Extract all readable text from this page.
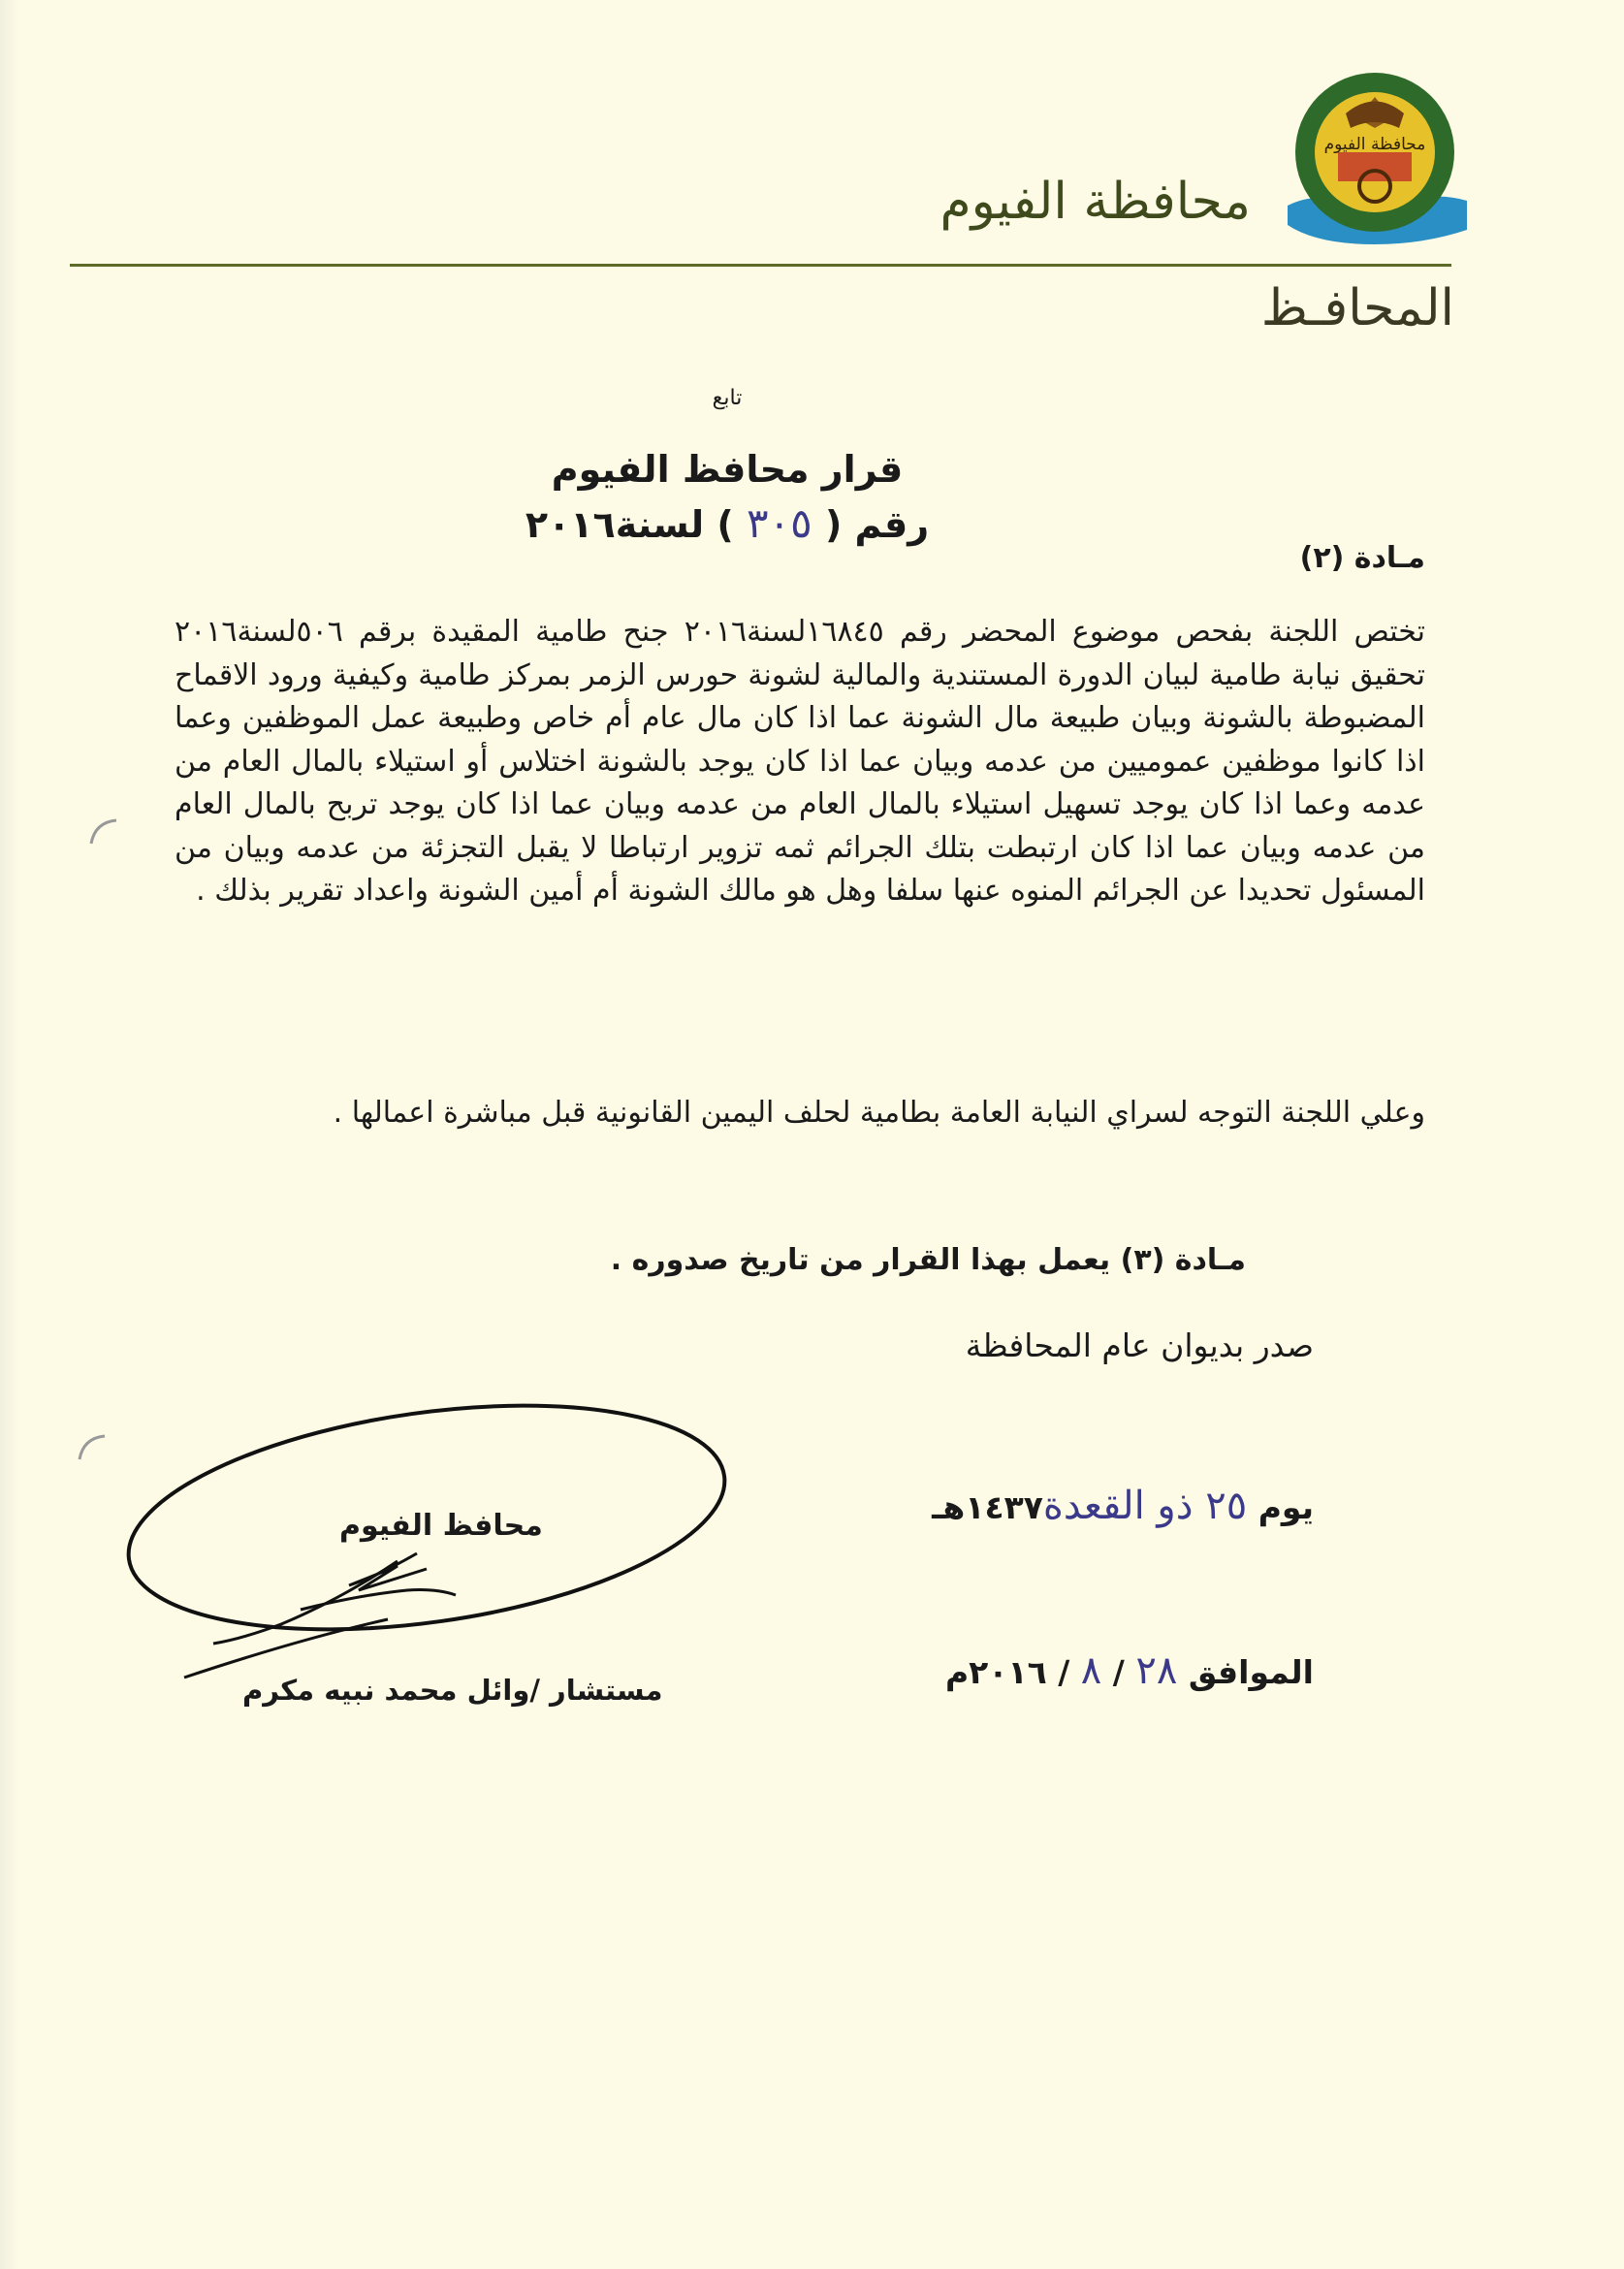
محافظة الفيوم
محافظة الفيوم
المحافـظ
تابع
قرار محافظ الفيوم
رقم ( ٣٠٥ ) لسنة٢٠١٦
مـادة (٢)
تختص اللجنة بفحص موضوع المحضر رقم ١٦٨٤٥لسنة٢٠١٦ جنح طامية المقيدة برقم ٥٠٦لسنة٢٠١٦ تحقيق نيابة طامية لبيان الدورة المستندية والمالية لشونة حورس الزمر بمركز طامية وكيفية ورود الاقماح المضبوطة بالشونة وبيان طبيعة مال الشونة عما اذا كان مال عام أم خاص وطبيعة عمل الموظفين وعما اذا كانوا موظفين عموميين من عدمه وبيان عما اذا كان يوجد بالشونة اختلاس أو استيلاء بالمال العام من عدمه وعما اذا كان يوجد تسهيل استيلاء بالمال العام من عدمه وبيان عما اذا كان يوجد تربح بالمال العام من عدمه وبيان عما اذا كان ارتبطت بتلك الجرائم ثمه تزوير ارتباطا لا يقبل التجزئة من عدمه وبيان من المسئول تحديدا عن الجرائم المنوه عنها سلفا وهل هو مالك الشونة أم أمين الشونة واعداد تقرير بذلك .
وعلي اللجنة التوجه لسراي النيابة العامة بطامية لحلف اليمين القانونية قبل مباشرة اعمالها .
مـادة (٣) يعمل بهذا القرار من تاريخ صدوره .
صدر بديوان عام المحافظة
يوم ٢٥ ذو القعدة١٤٣٧هـ
الموافق ٢٨ / ٨ / ٢٠١٦م
محافظ الفيوم
مستشار /وائل محمد نبيه مكرم
